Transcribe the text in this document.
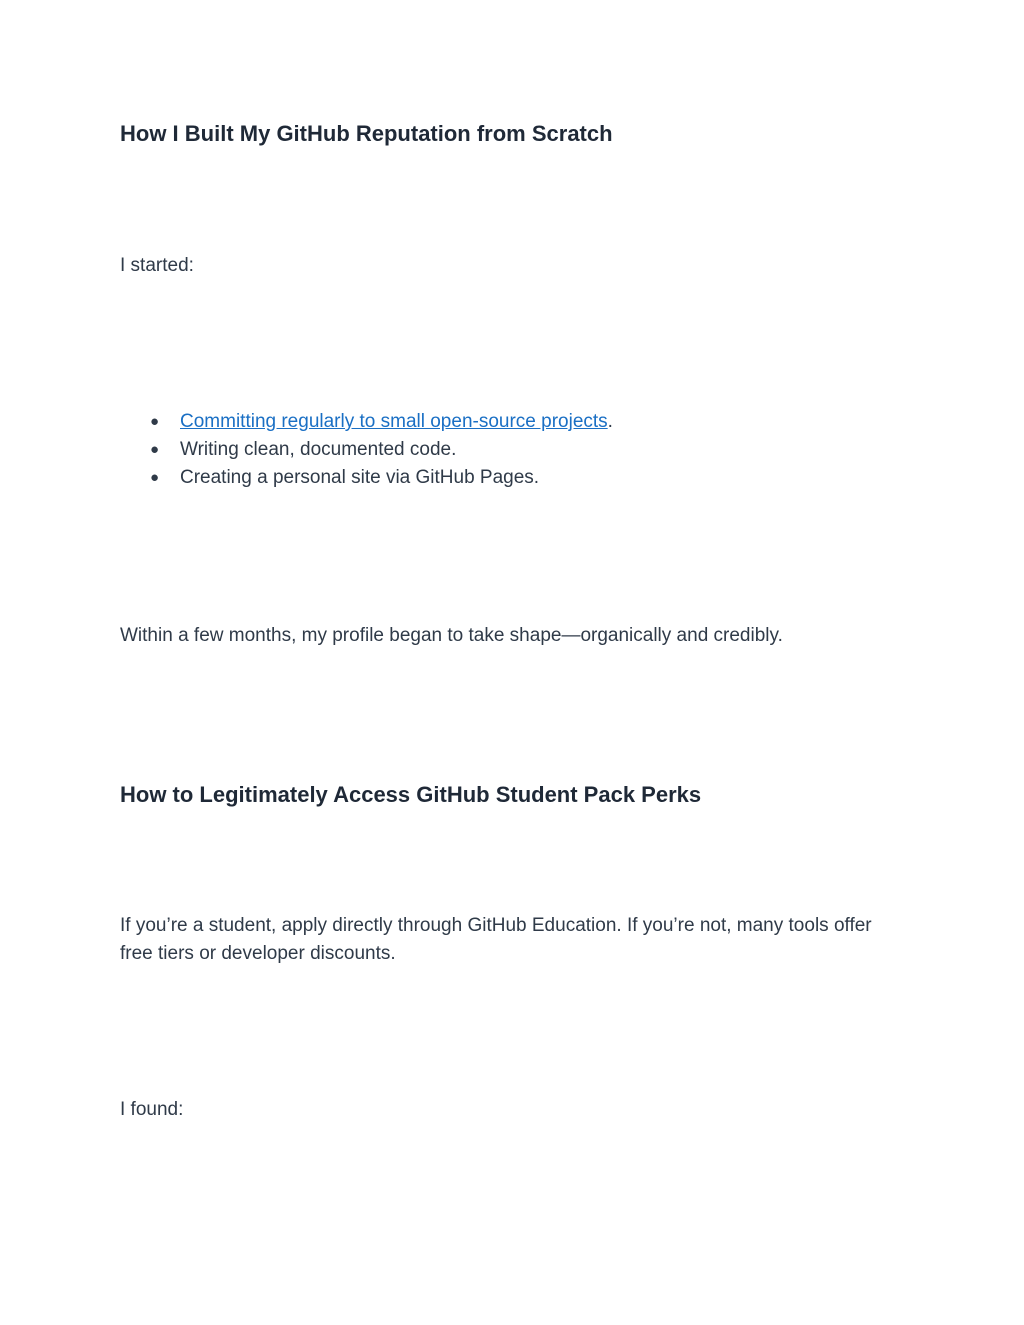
How I Built My GitHub Reputation from Scratch

I started:

● Committing regularly to small open-source projects.
● Writing clean, documented code.
● Creating a personal site via GitHub Pages.

Within a few months, my profile began to take shape—organically and credibly.

How to Legitimately Access GitHub Student Pack Perks

If you’re a student, apply directly through GitHub Education. If you’re not, many tools offer free tiers or developer discounts.

I found:
